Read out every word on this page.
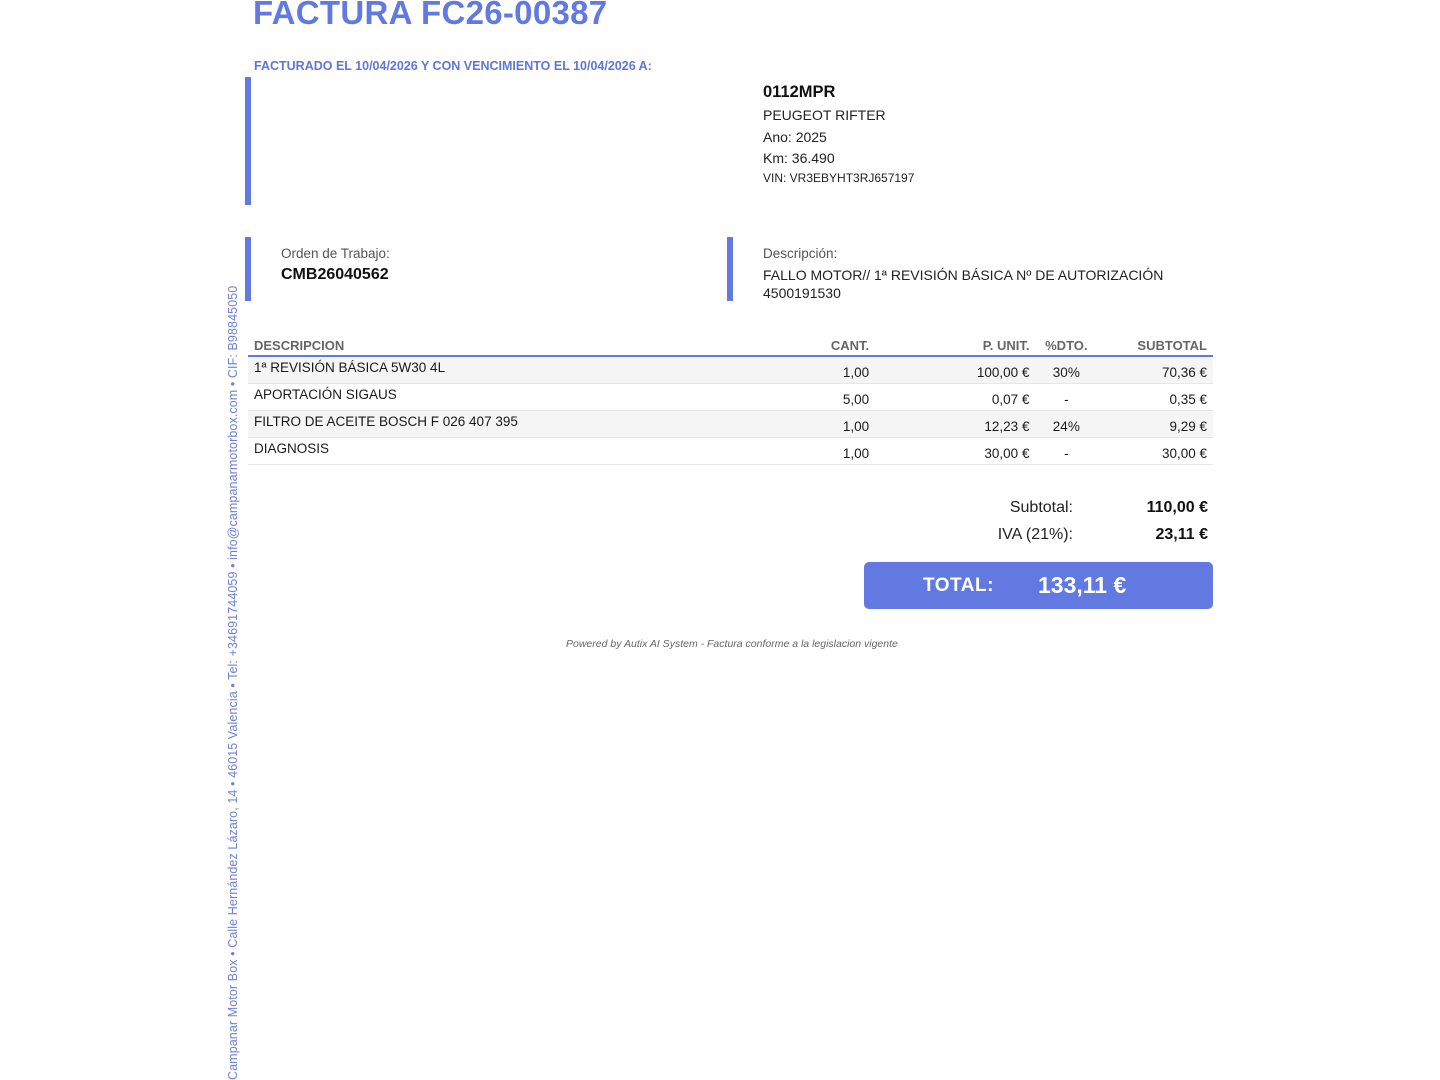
Campanar Motor Box • Calle Hernández Lázaro, 14 • 46015 Valencia • Tel: +34691744059 • info@campanarmotorbox.com • CIF: B98845050
FACTURA FC26-00387
FACTURADO EL 10/04/2026 Y CON VENCIMIENTO EL 10/04/2026 A:
0112MPR
PEUGEOT RIFTER
Ano: 2025
Km: 36.490
VIN: VR3EBYHT3RJ657197
Orden de Trabajo:
CMB26040562
Descripción:
FALLO MOTOR// 1ª REVISIÓN BÁSICA Nº DE AUTORIZACIÓN 4500191530
DESCRIPCION	CANT.	P. UNIT.	%DTO.	SUBTOTAL
1ª REVISIÓN BÁSICA 5W30 4L	1,00	100,00 €	30%	70,36 €
APORTACIÓN SIGAUS	5,00	0,07 €	-	0,35 €
FILTRO DE ACEITE BOSCH F 026 407 395	1,00	12,23 €	24%	9,29 €
DIAGNOSIS	1,00	30,00 €	-	30,00 €
Subtotal:	110,00 €
IVA (21%):	23,11 €
TOTAL: 133,11 €
Powered by Autix AI System - Factura conforme a la legislacion vigente
